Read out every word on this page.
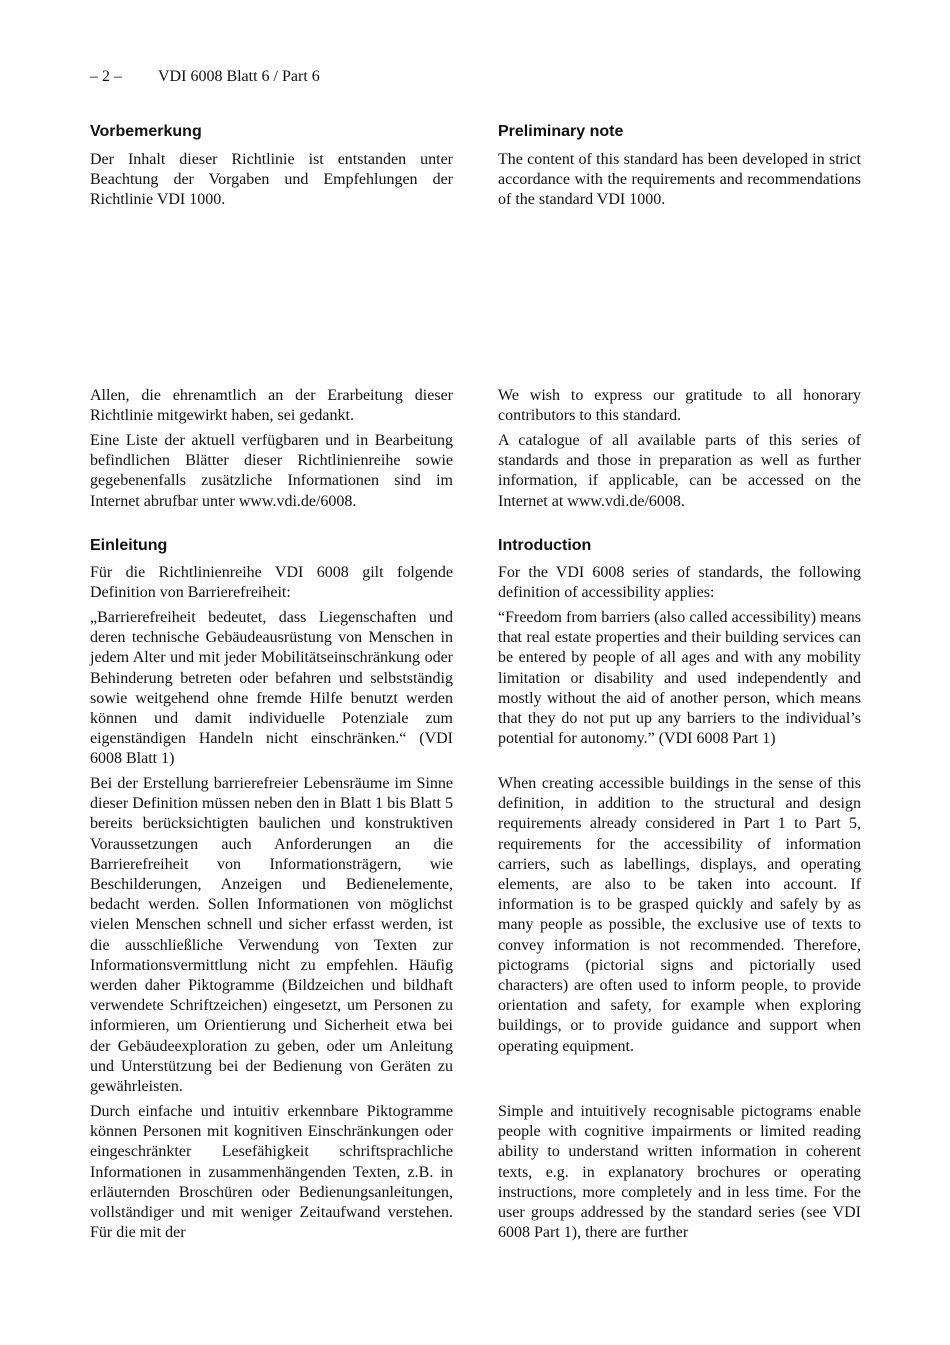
– 2 – VDI 6008 Blatt 6 / Part 6
Vorbemerkung

Der Inhalt dieser Richtlinie ist entstanden unter Beachtung der Vorgaben und Empfehlungen der Richtlinie VDI 1000.

Allen, die ehrenamtlich an der Erarbeitung dieser Richtlinie mitgewirkt haben, sei gedankt.

Eine Liste der aktuell verfügbaren und in Bearbeitung befindlichen Blätter dieser Richtlinienreihe sowie gegebenenfalls zusätzliche Informationen sind im Internet abrufbar unter www.vdi.de/6008.

Einleitung

Für die Richtlinienreihe VDI 6008 gilt folgende Definition von Barrierefreiheit:

„Barrierefreiheit bedeutet, dass Liegenschaften und deren technische Gebäudeausrüstung von Menschen in jedem Alter und mit jeder Mobilitätseinschränkung oder Behinderung betreten oder befahren und selbstständig sowie weitgehend ohne fremde Hilfe benutzt werden können und damit individuelle Potenziale zum eigenständigen Handeln nicht einschränken.“ (VDI 6008 Blatt 1)

Bei der Erstellung barrierefreier Lebensräume im Sinne dieser Definition müssen neben den in Blatt 1 bis Blatt 5 bereits berücksichtigten baulichen und konstruktiven Voraussetzungen auch Anforderungen an die Barrierefreiheit von Informationsträgern, wie Beschilderungen, Anzeigen und Bedienelemente, bedacht werden. Sollen Informationen von möglichst vielen Menschen schnell und sicher erfasst werden, ist die ausschließliche Verwendung von Texten zur Informationsvermittlung nicht zu empfehlen. Häufig werden daher Piktogramme (Bildzeichen und bildhaft verwendete Schriftzeichen) eingesetzt, um Personen zu informieren, um Orientierung und Sicherheit etwa bei der Gebäudeexploration zu geben, oder um Anleitung und Unterstützung bei der Bedienung von Geräten zu gewährleisten.

Durch einfache und intuitiv erkennbare Piktogramme können Personen mit kognitiven Einschränkungen oder eingeschränkter Lesefähigkeit schriftsprachliche Informationen in zusammenhängenden Texten, z.B. in erläuternden Broschüren oder Bedienungsanleitungen, vollständiger und mit weniger Zeitaufwand verstehen. Für die mit der

Preliminary note

The content of this standard has been developed in strict accordance with the requirements and recommendations of the standard VDI 1000.

We wish to express our gratitude to all honorary contributors to this standard.

A catalogue of all available parts of this series of standards and those in preparation as well as further information, if applicable, can be accessed on the Internet at www.vdi.de/6008.

Introduction

For the VDI 6008 series of standards, the following definition of accessibility applies:

“Freedom from barriers (also called accessibility) means that real estate properties and their building services can be entered by people of all ages and with any mobility limitation or disability and used independently and mostly without the aid of another person, which means that they do not put up any barriers to the individual’s potential for autonomy.” (VDI 6008 Part 1)

When creating accessible buildings in the sense of this definition, in addition to the structural and design requirements already considered in Part 1 to Part 5, requirements for the accessibility of information carriers, such as labellings, displays, and operating elements, are also to be taken into account. If information is to be grasped quickly and safely by as many people as possible, the exclusive use of texts to convey information is not recommended. Therefore, pictograms (pictorial signs and pictorially used characters) are often used to inform people, to provide orientation and safety, for example when exploring buildings, or to provide guidance and support when operating equipment.

Simple and intuitively recognisable pictograms enable people with cognitive impairments or limited reading ability to understand written information in coherent texts, e.g. in explanatory brochures or operating instructions, more completely and in less time. For the user groups addressed by the standard series (see VDI 6008 Part 1), there are further
